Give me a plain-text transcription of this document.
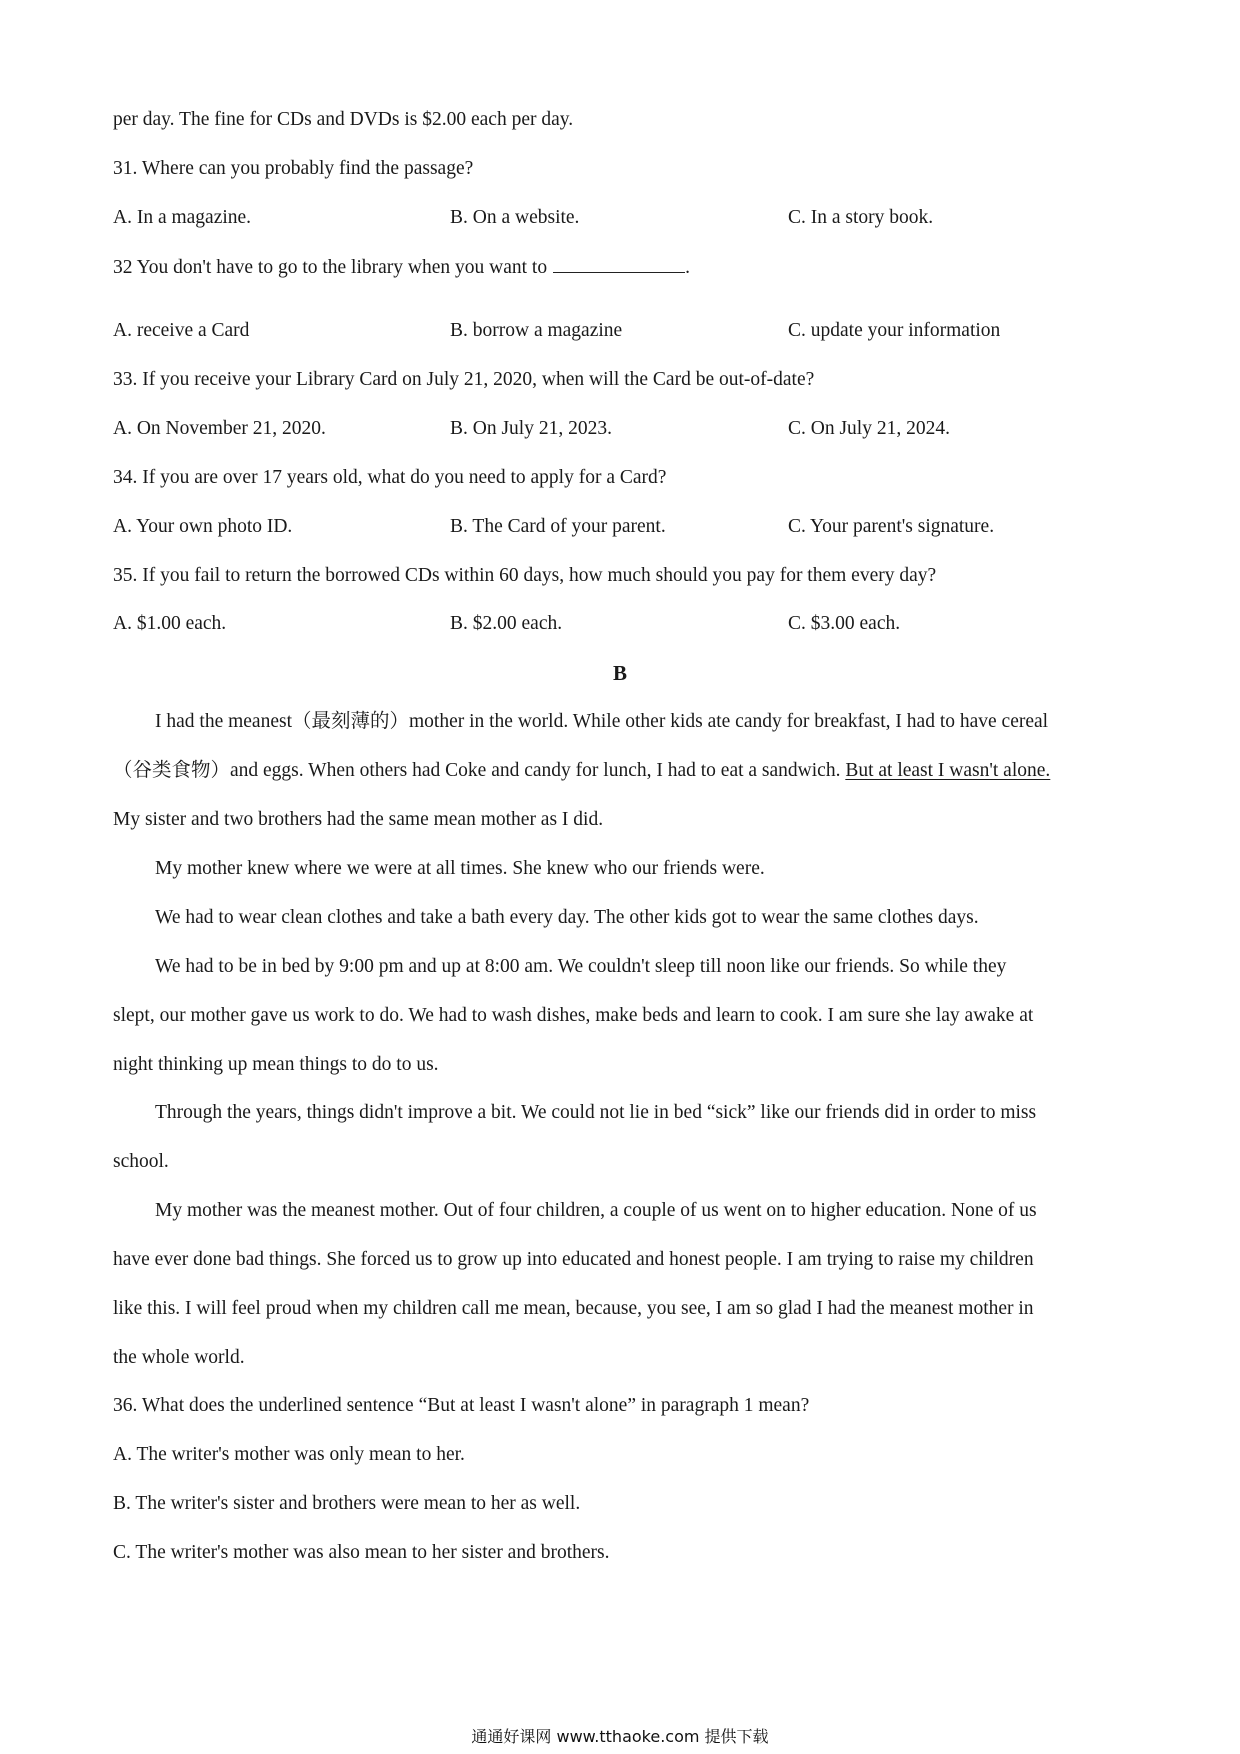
per day. The fine for CDs and DVDs is $2.00 each per day.
31. Where can you probably find the passage?
A. In a magazine.	B. On a website.	C. In a story book.
32 You don't have to go to the library when you want to	.
A. receive a Card	B. borrow a magazine	C. update your information
33. If you receive your Library Card on July 21, 2020, when will the Card be out-of-date?
A. On November 21, 2020.	B. On July 21, 2023.	C. On July 21, 2024.
34. If you are over 17 years old, what do you need to apply for a Card?
A. Your own photo ID.	B. The Card of your parent.	C. Your parent's signature.
35. If you fail to return the borrowed CDs within 60 days, how much should you pay for them every day?
A. $1.00 each.	B. $2.00 each.	C. $3.00 each.
B
I had the meanest（最刻薄的）mother in the world. While other kids ate candy for breakfast, I had to have cereal
（谷类食物）and eggs. When others had Coke and candy for lunch, I had to eat a sandwich. But at least I wasn't alone.
My sister and two brothers had the same mean mother as I did.
My mother knew where we were at all times. She knew who our friends were.
We had to wear clean clothes and take a bath every day. The other kids got to wear the same clothes days.
We had to be in bed by 9:00 pm and up at 8:00 am. We couldn't sleep till noon like our friends. So while they
slept, our mother gave us work to do. We had to wash dishes, make beds and learn to cook. I am sure she lay awake at
night thinking up mean things to do to us.
Through the years, things didn't improve a bit. We could not lie in bed “sick” like our friends did in order to miss
school.
My mother was the meanest mother. Out of four children, a couple of us went on to higher education. None of us
have ever done bad things. She forced us to grow up into educated and honest people. I am trying to raise my children
like this. I will feel proud when my children call me mean, because, you see, I am so glad I had the meanest mother in
the whole world.
36. What does the underlined sentence “But at least I wasn't alone” in paragraph 1 mean?
A. The writer's mother was only mean to her.
B. The writer's sister and brothers were mean to her as well.
C. The writer's mother was also mean to her sister and brothers.
通通好课网 www.tthaoke.com 提供下载
